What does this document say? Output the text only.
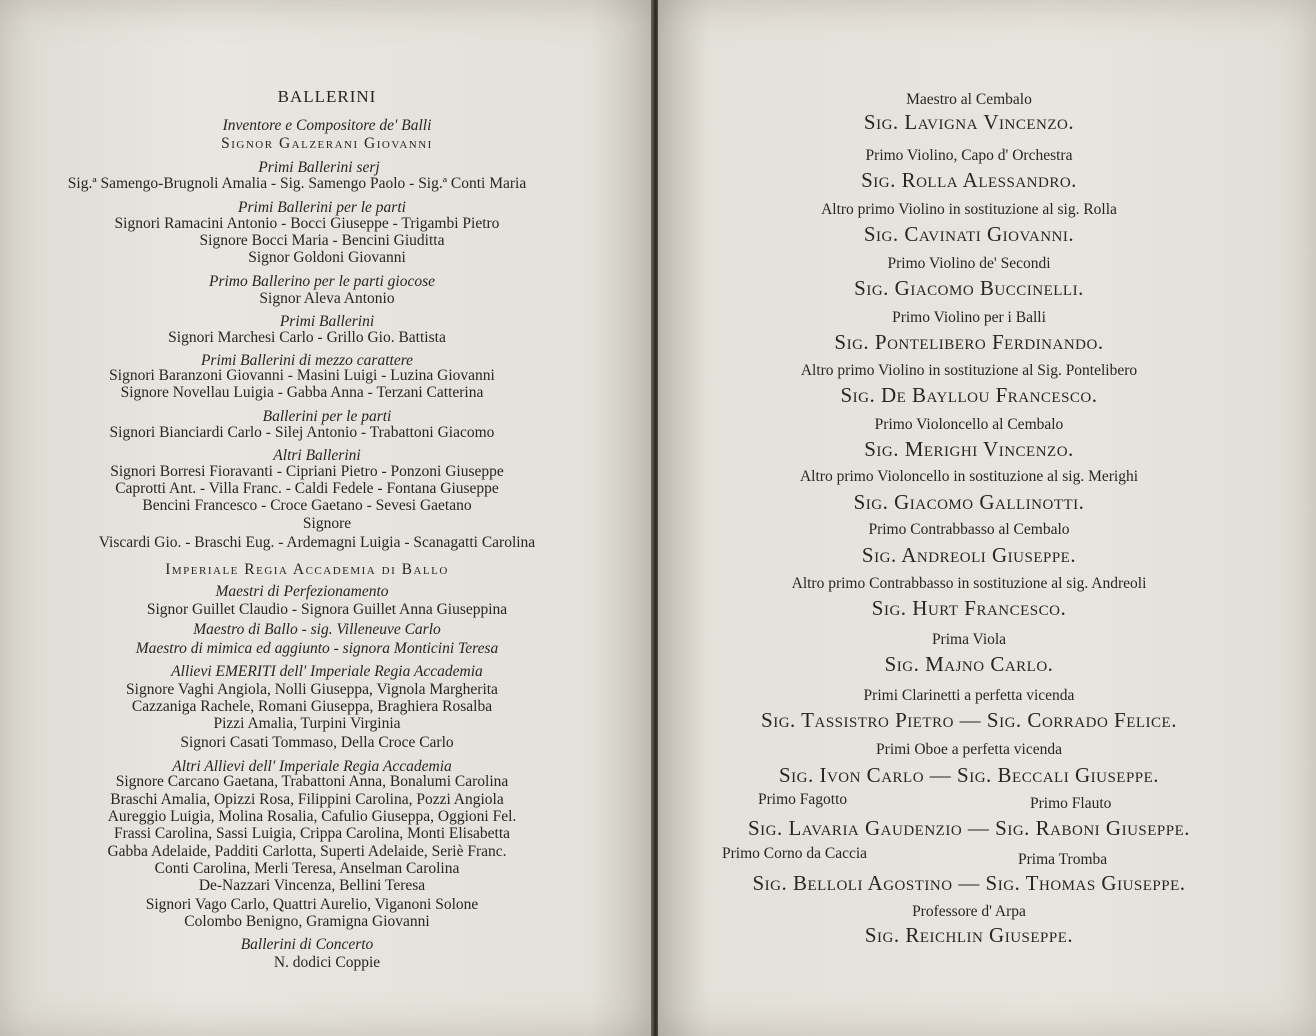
BALLERINI
Inventore e Compositore de' Balli
Signor Galzerani Giovanni
Primi Ballerini serj
Sig.ª Samengo-Brugnoli Amalia - Sig. Samengo Paolo - Sig.ª Conti Maria
Primi Ballerini per le parti
Signori Ramacini Antonio - Bocci Giuseppe - Trigambi Pietro
Signore Bocci Maria - Bencini Giuditta
Signor Goldoni Giovanni
Primo Ballerino per le parti giocose
Signor Aleva Antonio
Primi Ballerini
Signori Marchesi Carlo - Grillo Gio. Battista
Primi Ballerini di mezzo carattere
Signori Baranzoni Giovanni - Masini Luigi - Luzina Giovanni
Signore Novellau Luigia - Gabba Anna - Terzani Catterina
Ballerini per le parti
Signori Bianciardi Carlo - Silej Antonio - Trabattoni Giacomo
Altri Ballerini
Signori Borresi Fioravanti - Cipriani Pietro - Ponzoni Giuseppe
Caprotti Ant. - Villa Franc. - Caldi Fedele - Fontana Giuseppe
Bencini Francesco - Croce Gaetano - Sevesi Gaetano
Signore
Viscardi Gio. - Braschi Eug. - Ardemagni Luigia - Scanagatti Carolina
Imperiale Regia Accademia di Ballo
Maestri di Perfezionamento
Signor Guillet Claudio - Signora Guillet Anna Giuseppina
Maestro di Ballo - sig. Villeneuve Carlo
Maestro di mimica ed aggiunto - signora Monticini Teresa
Allievi EMERITI dell' Imperiale Regia Accademia
Signore Vaghi Angiola, Nolli Giuseppa, Vignola Margherita
Cazzaniga Rachele, Romani Giuseppa, Braghiera Rosalba
Pizzi Amalia, Turpini Virginia
Signori Casati Tommaso, Della Croce Carlo
Altri Allievi dell' Imperiale Regia Accademia
Signore Carcano Gaetana, Trabattoni Anna, Bonalumi Carolina
Braschi Amalia, Opizzi Rosa, Filippini Carolina, Pozzi Angiola
Aureggio Luigia, Molina Rosalia, Cafulio Giuseppa, Oggioni Fel.
Frassi Carolina, Sassi Luigia, Crippa Carolina, Monti Elisabetta
Gabba Adelaide, Padditi Carlotta, Superti Adelaide, Seriè Franc.
Conti Carolina, Merli Teresa, Anselman Carolina
De-Nazzari Vincenza, Bellini Teresa
Signori Vago Carlo, Quattri Aurelio, Viganoni Solone
Colombo Benigno, Gramigna Giovanni
Ballerini di Concerto
N. dodici Coppie
Maestro al Cembalo
Sig. Lavigna Vincenzo.
Primo Violino, Capo d' Orchestra
Sig. Rolla Alessandro.
Altro primo Violino in sostituzione al sig. Rolla
Sig. Cavinati Giovanni.
Primo Violino de' Secondi
Sig. Giacomo Buccinelli.
Primo Violino per i Balli
Sig. Pontelibero Ferdinando.
Altro primo Violino in sostituzione al Sig. Pontelibero
Sig. De Bayllou Francesco.
Primo Violoncello al Cembalo
Sig. Merighi Vincenzo.
Altro primo Violoncello in sostituzione al sig. Merighi
Sig. Giacomo Gallinotti.
Primo Contrabbasso al Cembalo
Sig. Andreoli Giuseppe.
Altro primo Contrabbasso in sostituzione al sig. Andreoli
Sig. Hurt Francesco.
Prima Viola
Sig. Majno Carlo.
Primi Clarinetti a perfetta vicenda
Sig. Tassistro Pietro — Sig. Corrado Felice.
Primi Oboe a perfetta vicenda
Sig. Ivon Carlo — Sig. Beccali Giuseppe.
Primo Fagotto	Primo Flauto
Sig. Lavaria Gaudenzio — Sig. Raboni Giuseppe.
Primo Corno da Caccia	Prima Tromba
Sig. Belloli Agostino — Sig. Thomas Giuseppe.
Professore d' Arpa
Sig. Reichlin Giuseppe.
